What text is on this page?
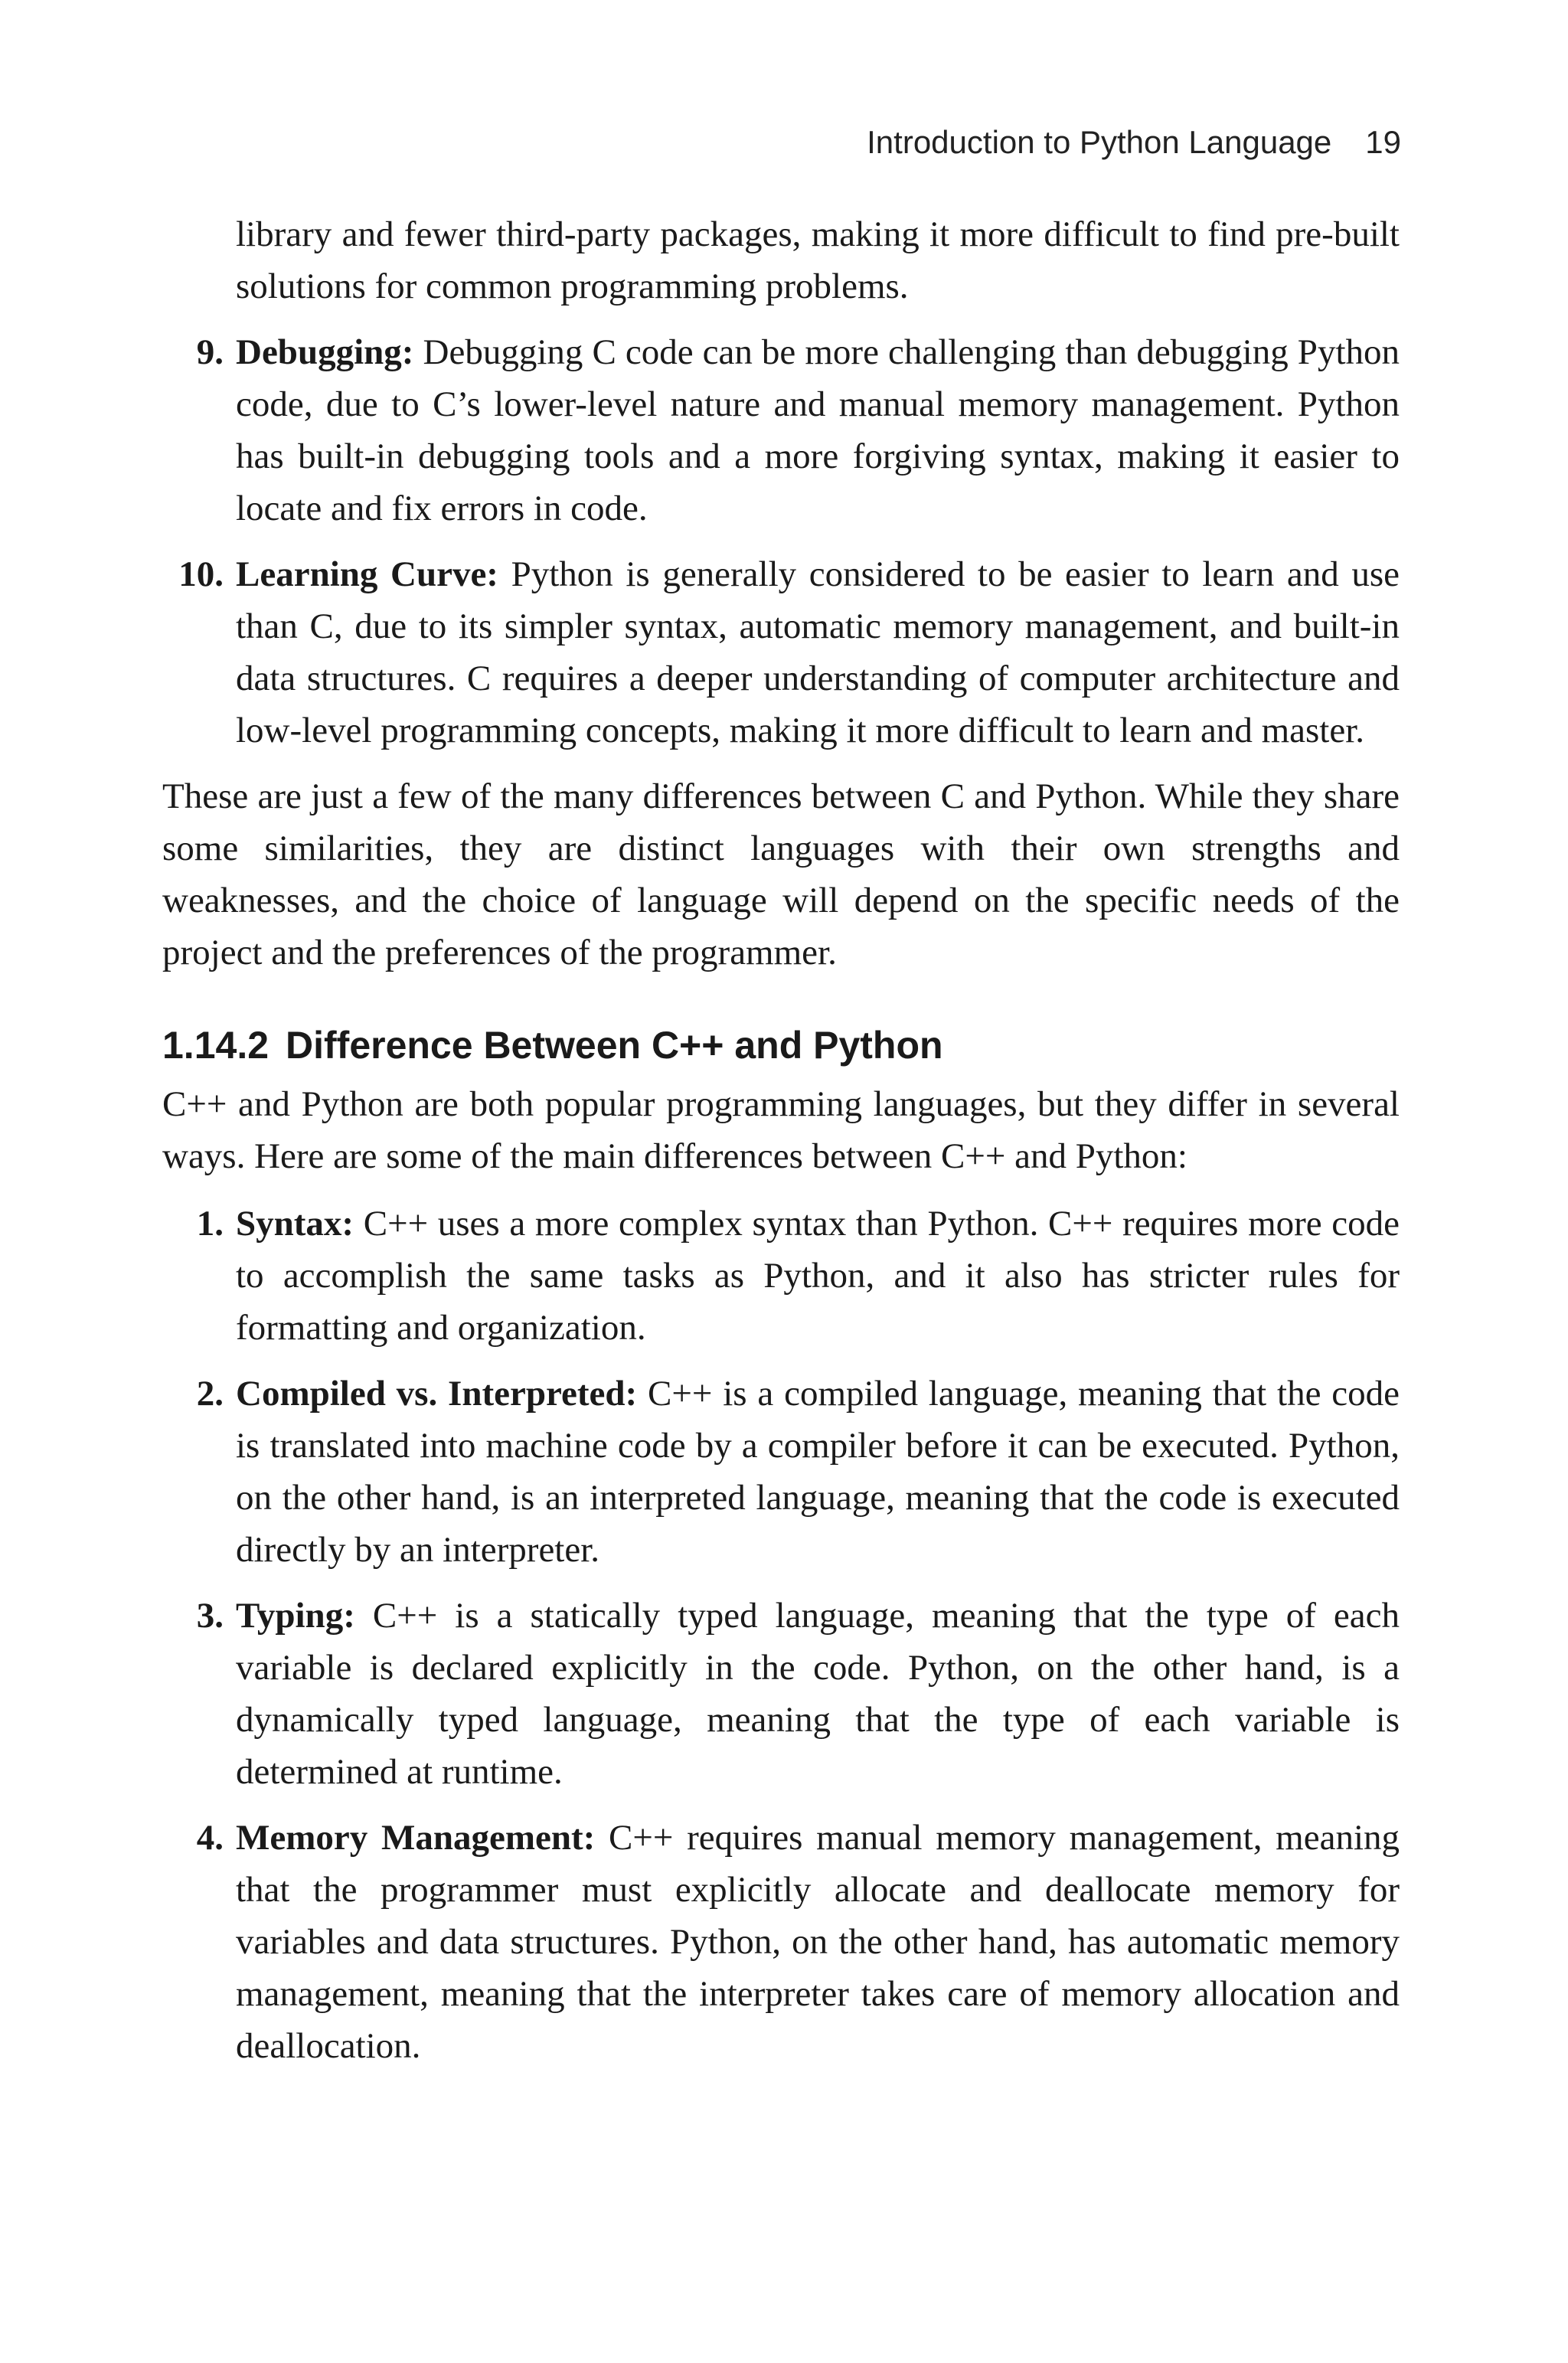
Introduction to Python Language 19

library and fewer third-party packages, making it more difficult to find pre-built solutions for common programming problems.

9. Debugging: Debugging C code can be more challenging than debugging Python code, due to C’s lower-level nature and manual memory management. Python has built-in debugging tools and a more forgiving syntax, making it easier to locate and fix errors in code.
10. Learning Curve: Python is generally considered to be easier to learn and use than C, due to its simpler syntax, automatic memory management, and built-in data structures. C requires a deeper understanding of computer architecture and low-level programming concepts, making it more difficult to learn and master.

These are just a few of the many differences between C and Python. While they share some similarities, they are distinct languages with their own strengths and weaknesses, and the choice of language will depend on the specific needs of the project and the preferences of the programmer.

1.14.2 Difference Between C++ and Python

C++ and Python are both popular programming languages, but they differ in several ways. Here are some of the main differences between C++ and Python:

1. Syntax: C++ uses a more complex syntax than Python. C++ requires more code to accomplish the same tasks as Python, and it also has stricter rules for formatting and organization.
2. Compiled vs. Interpreted: C++ is a compiled language, meaning that the code is translated into machine code by a compiler before it can be executed. Python, on the other hand, is an interpreted language, meaning that the code is executed directly by an interpreter.
3. Typing: C++ is a statically typed language, meaning that the type of each variable is declared explicitly in the code. Python, on the other hand, is a dynamically typed language, meaning that the type of each variable is determined at runtime.
4. Memory Management: C++ requires manual memory management, meaning that the programmer must explicitly allocate and deallocate memory for variables and data structures. Python, on the other hand, has automatic memory management, meaning that the interpreter takes care of memory allocation and deallocation.
